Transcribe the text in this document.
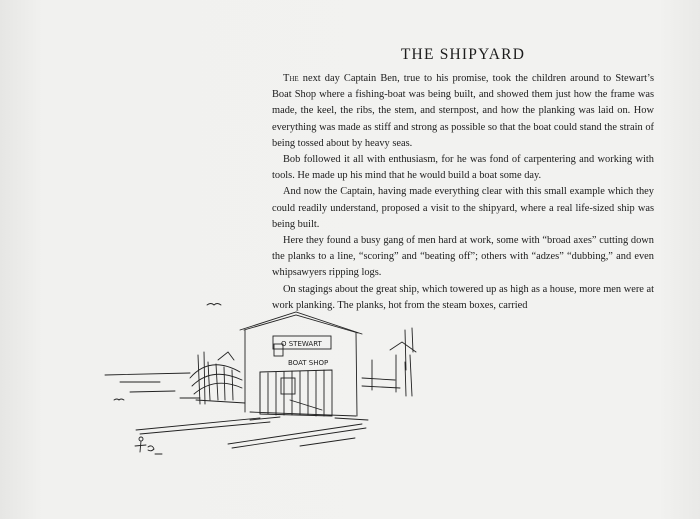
THE SHIPYARD

The next day Captain Ben, true to his promise, took the children around to Stewart’s Boat Shop where a fishing-boat was being built, and showed them just how the frame was made, the keel, the ribs, the stem, and sternpost, and how the planking was laid on. How everything was made as stiff and strong as possible so that the boat could stand the strain of being tossed about by heavy seas.

Bob followed it all with enthusiasm, for he was fond of carpentering and working with tools. He made up his mind that he would build a boat some day.

And now the Captain, having made everything clear with this small example which they could readily understand, proposed a visit to the shipyard, where a real life-sized ship was being built.

Here they found a busy gang of men hard at work, some with “broad axes” cutting down the planks to a line, “scoring” and “beating off”; others with “adzes” “dubbing,” and even whipsawyers ripping logs.

On stagings about the great ship, which towered up as high as a house, more men were at work planking. The planks, hot from the steam boxes, carried

O STEWART
BOAT SHOP
